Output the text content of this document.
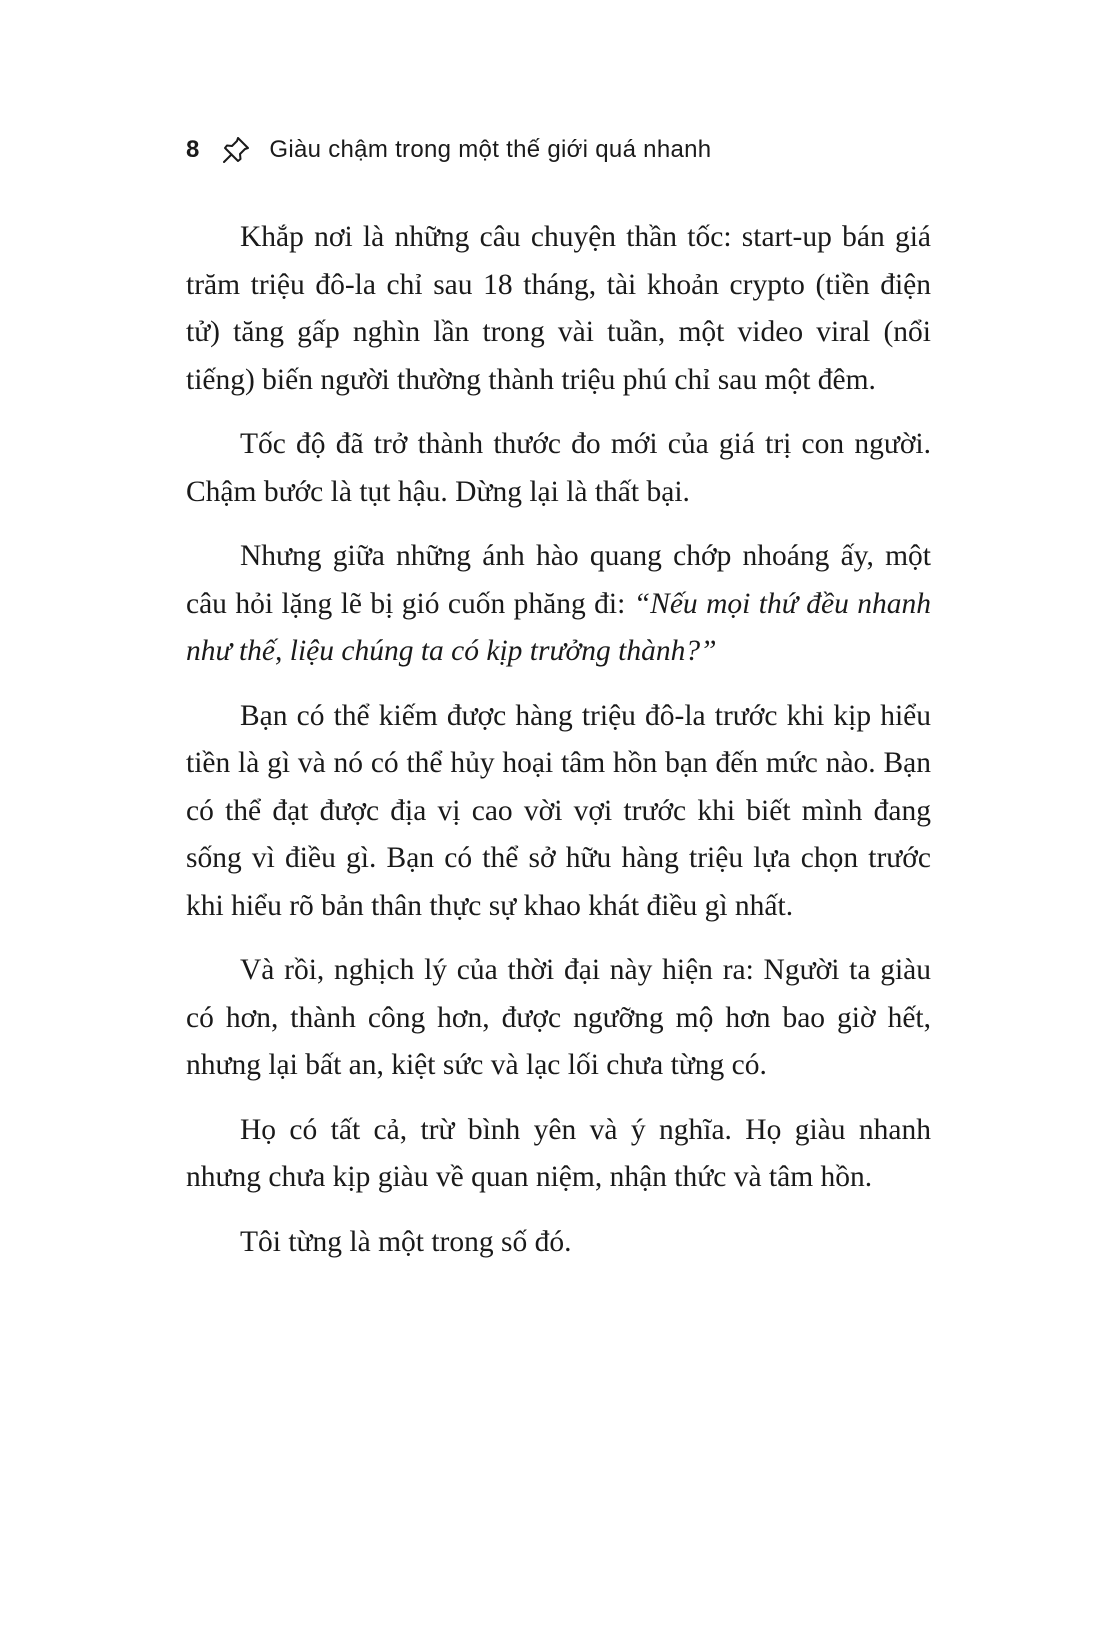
8	Giàu chậm trong một thế giới quá nhanh

Khắp nơi là những câu chuyện thần tốc: start-up bán giá trăm triệu đô-la chỉ sau 18 tháng, tài khoản crypto (tiền điện tử) tăng gấp nghìn lần trong vài tuần, một video viral (nổi tiếng) biến người thường thành triệu phú chỉ sau một đêm.

Tốc độ đã trở thành thước đo mới của giá trị con người. Chậm bước là tụt hậu. Dừng lại là thất bại.

Nhưng giữa những ánh hào quang chớp nhoáng ấy, một câu hỏi lặng lẽ bị gió cuốn phăng đi: “Nếu mọi thứ đều nhanh như thế, liệu chúng ta có kịp trưởng thành?”

Bạn có thể kiếm được hàng triệu đô-la trước khi kịp hiểu tiền là gì và nó có thể hủy hoại tâm hồn bạn đến mức nào. Bạn có thể đạt được địa vị cao vời vợi trước khi biết mình đang sống vì điều gì. Bạn có thể sở hữu hàng triệu lựa chọn trước khi hiểu rõ bản thân thực sự khao khát điều gì nhất.

Và rồi, nghịch lý của thời đại này hiện ra: Người ta giàu có hơn, thành công hơn, được ngưỡng mộ hơn bao giờ hết, nhưng lại bất an, kiệt sức và lạc lối chưa từng có.

Họ có tất cả, trừ bình yên và ý nghĩa. Họ giàu nhanh nhưng chưa kịp giàu về quan niệm, nhận thức và tâm hồn.

Tôi từng là một trong số đó.
